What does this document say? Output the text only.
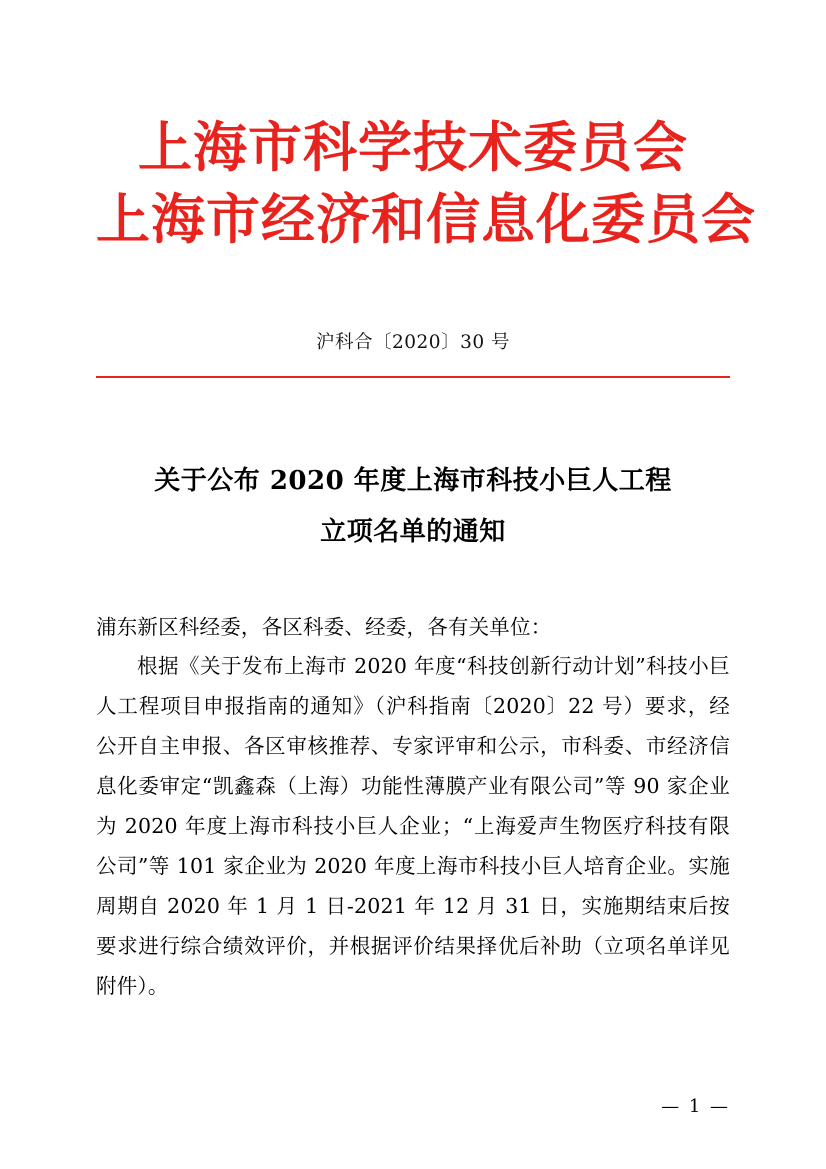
上海市科学技术委员会
上海市经济和信息化委员会
沪科合〔2020〕30 号
关于公布 2020 年度上海市科技小巨人工程
立项名单的通知

浦东新区科经委，各区科委、经委，各有关单位：

根据《关于发布上海市 2020 年度“科技创新行动计划”科技小巨人工程项目申报指南的通知》（沪科指南〔2020〕22 号）要求，经公开自主申报、各区审核推荐、专家评审和公示，市科委、市经济信息化委审定“凯鑫森（上海）功能性薄膜产业有限公司”等 90 家企业为 2020 年度上海市科技小巨人企业；“上海爱声生物医疗科技有限公司”等 101 家企业为 2020 年度上海市科技小巨人培育企业。实施周期自 2020 年 1 月 1 日-2021 年 12 月 31 日，实施期结束后按要求进行综合绩效评价，并根据评价结果择优后补助（立项名单详见附件）。

— 1 —
